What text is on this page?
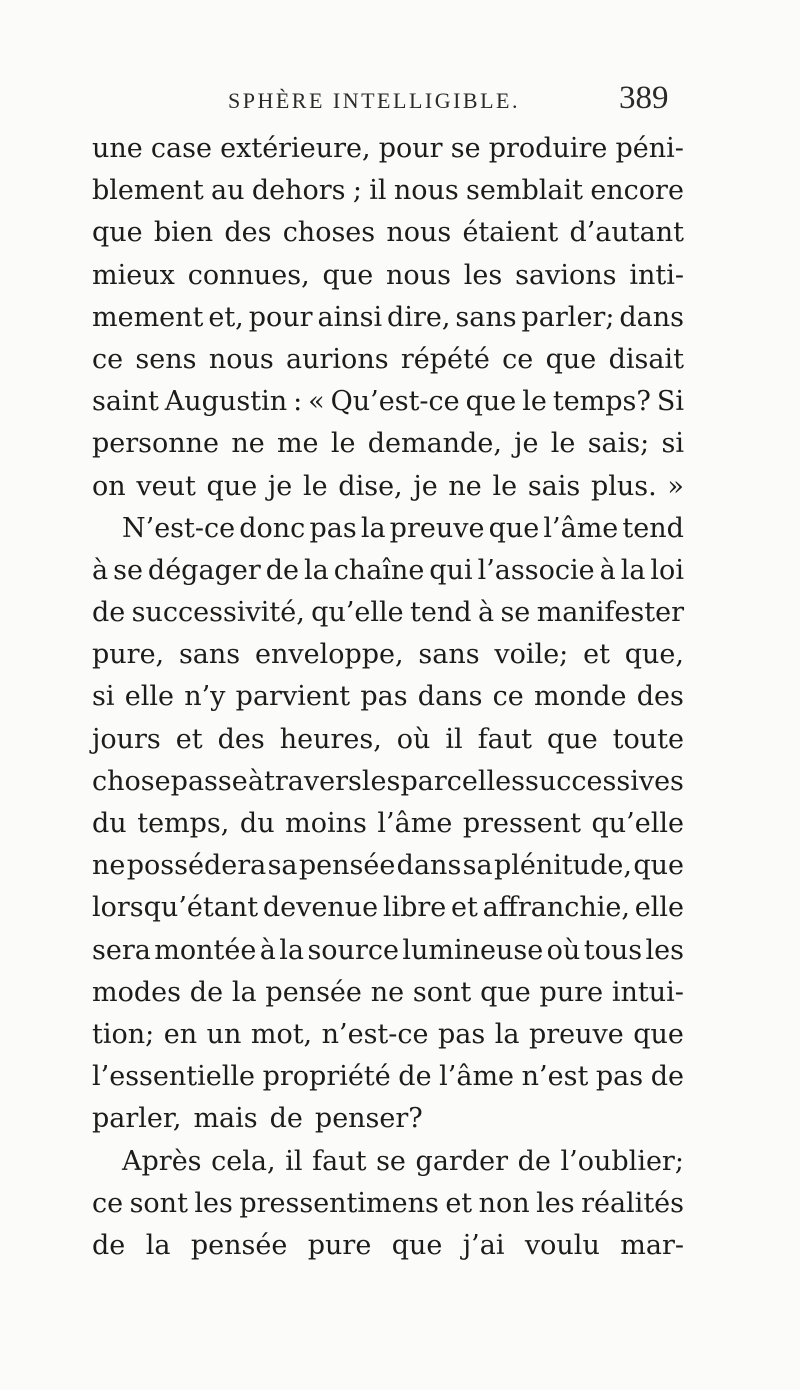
SPHÈRE INTELLIGIBLE.	389
une case extérieure, pour se produire péni-
blement au dehors ; il nous semblait encore
que bien des choses nous étaient d’autant
mieux connues, que nous les savions inti-
mement et, pour ainsi dire, sans parler; dans
ce sens nous aurions répété ce que disait
saint Augustin : « Qu’est-ce que le temps? Si
personne ne me le demande, je le sais; si
on veut que je le dise, je ne le sais plus. »
N’est-ce donc pas la preuve que l’âme tend
à se dégager de la chaîne qui l’associe à la loi
de successivité, qu’elle tend à se manifester
pure, sans enveloppe, sans voile; et que,
si elle n’y parvient pas dans ce monde des
jours et des heures, où il faut que toute
chose passe à travers les parcelles successives
du temps, du moins l’âme pressent qu’elle
ne possédera sa pensée dans sa plénitude, que
lorsqu’étant devenue libre et affranchie, elle
sera montée à la source lumineuse où tous les
modes de la pensée ne sont que pure intui-
tion; en un mot, n’est-ce pas la preuve que
l’essentielle propriété de l’âme n’est pas de
parler, mais de penser?
Après cela, il faut se garder de l’oublier;
ce sont les pressentimens et non les réalités
de la pensée pure que j’ai voulu mar-
